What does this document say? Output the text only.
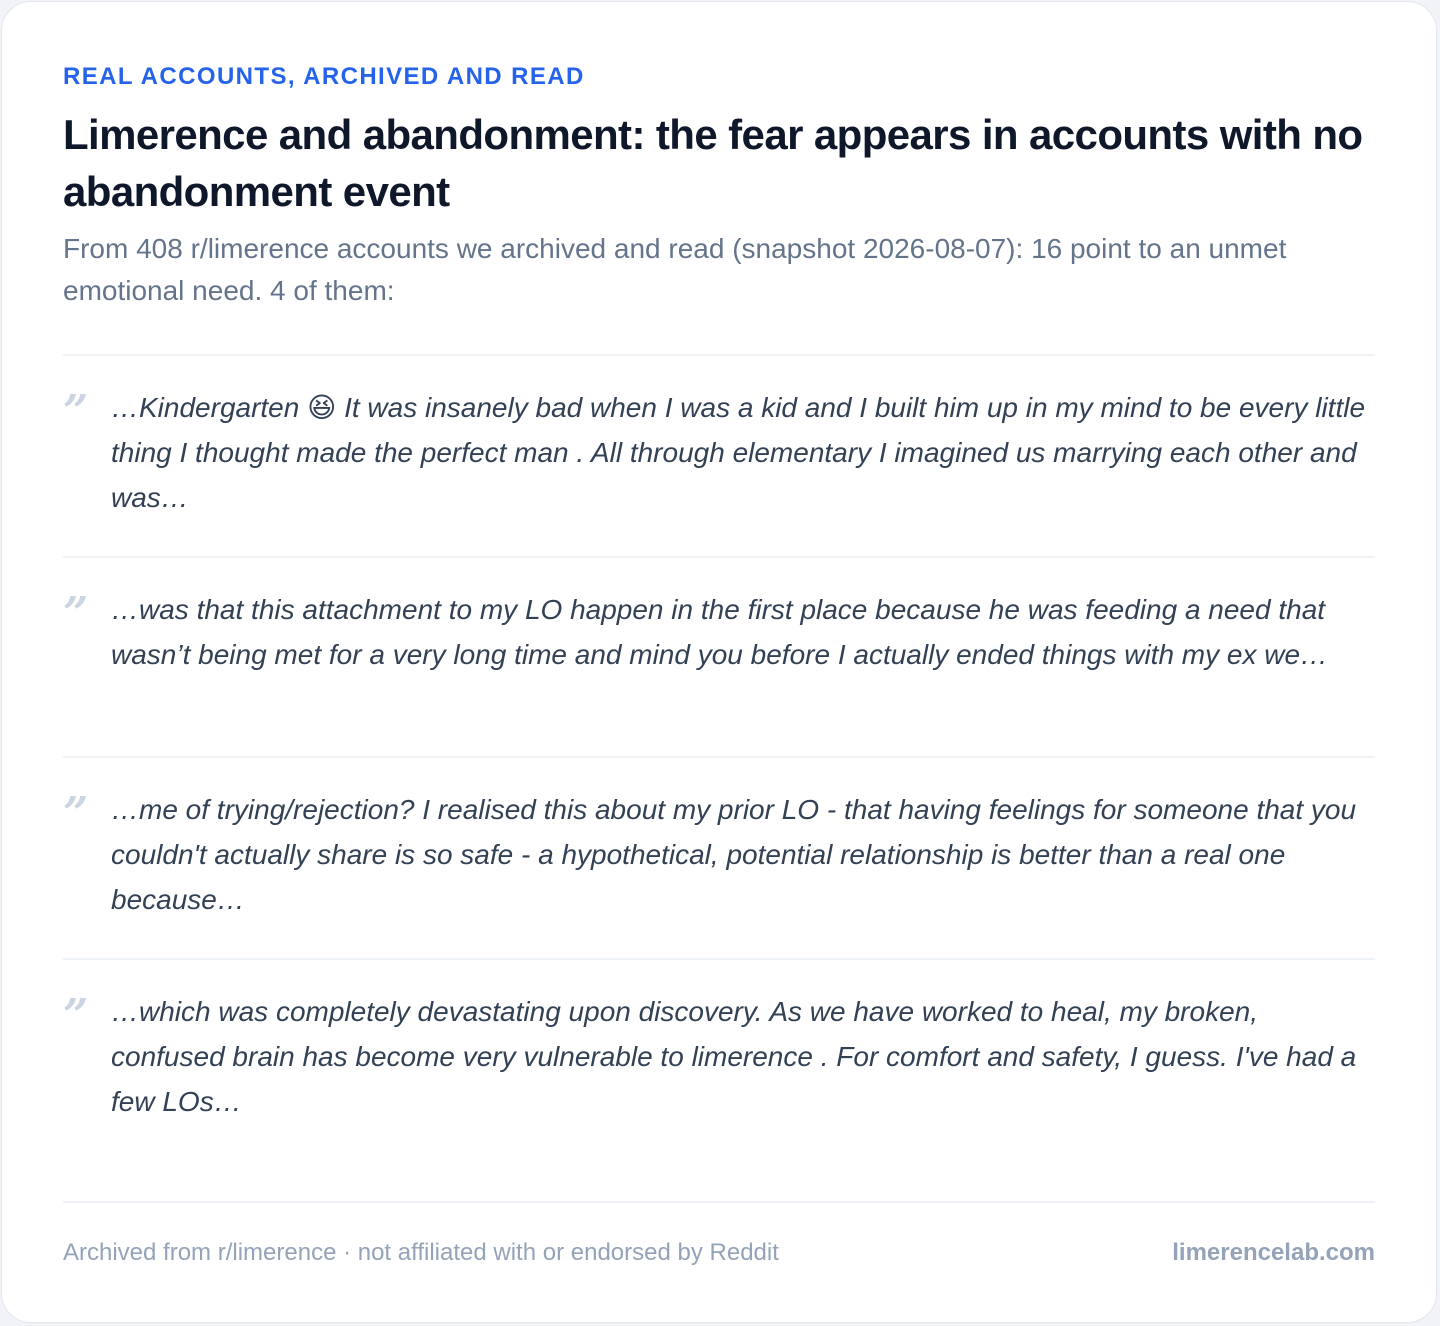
REAL ACCOUNTS, ARCHIVED AND READ
Limerence and abandonment: the fear appears in accounts with no abandonment event

From 408 r/limerence accounts we archived and read (snapshot 2026-08-07): 16 point to an unmet emotional need. 4 of them:

” …Kindergarten 😆 It was insanely bad when I was a kid and I built him up in my mind to be every little thing I thought made the perfect man . All through elementary I imagined us marrying each other and was…

” …was that this attachment to my LO happen in the first place because he was feeding a need that wasn’t being met for a very long time and mind you before I actually ended things with my ex we…

” …me of trying/rejection? I realised this about my prior LO - that having feelings for someone that you couldn't actually share is so safe - a hypothetical, potential relationship is better than a real one because…

” …which was completely devastating upon discovery. As we have worked to heal, my broken, confused brain has become very vulnerable to limerence . For comfort and safety, I guess. I've had a few LOs…

Archived from r/limerence · not affiliated with or endorsed by Reddit	limerencelab.com
